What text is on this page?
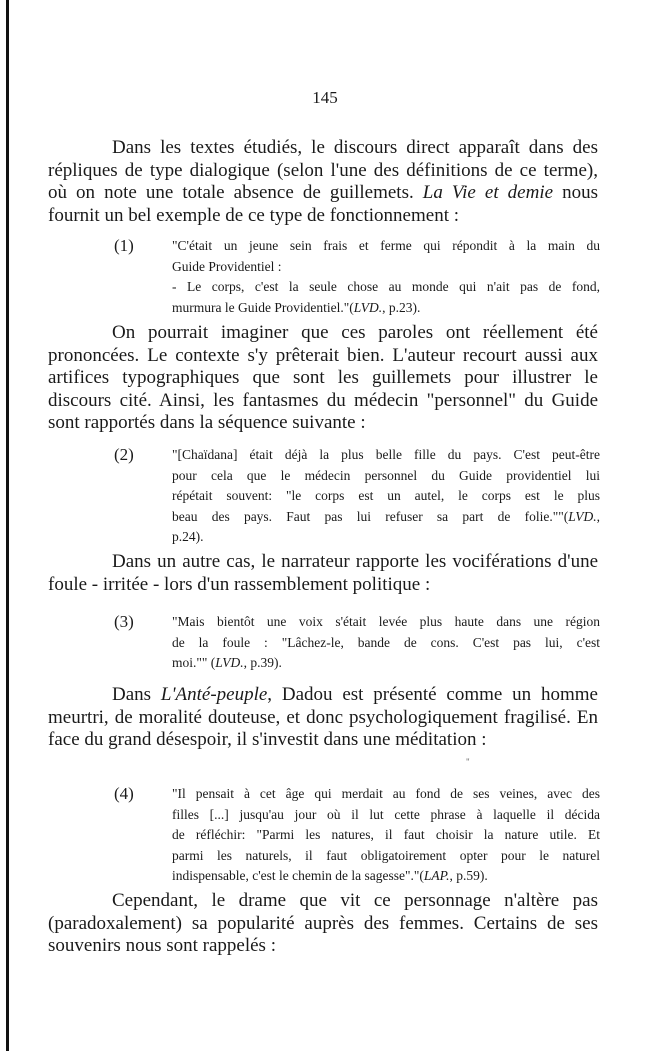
145

Dans les textes étudiés, le discours direct apparaît dans des répliques de type dialogique (selon l'une des définitions de ce terme), où on note une totale absence de guillemets. La Vie et demie nous fournit un bel exemple de ce type de fonctionnement :

(1)	"C'était un jeune sein frais et ferme qui répondit à la main du
Guide Providentiel :
- Le corps, c'est la seule chose au monde qui n'ait pas de fond,
murmura le Guide Providentiel."(LVD., p.23).

On pourrait imaginer que ces paroles ont réellement été prononcées. Le contexte s'y prêterait bien. L'auteur recourt aussi aux artifices typographiques que sont les guillemets pour illustrer le discours cité. Ainsi, les fantasmes du médecin "personnel" du Guide sont rapportés dans la séquence suivante :

(2)	"[Chaïdana] était déjà la plus belle fille du pays. C'est peut-être
pour cela que le médecin personnel du Guide providentiel lui
répétait souvent: "le corps est un autel, le corps est le plus
beau des pays. Faut pas lui refuser sa part de folie.""(LVD.,
p.24).

Dans un autre cas, le narrateur rapporte les vociférations d'une foule - irritée - lors d'un rassemblement politique :

(3)	"Mais bientôt une voix s'était levée plus haute dans une région
de la foule : "Lâchez-le, bande de cons. C'est pas lui, c'est
moi."" (LVD., p.39).

Dans L'Anté-peuple, Dadou est présenté comme un homme meurtri, de moralité douteuse, et donc psychologiquement fragilisé. En face du grand désespoir, il s'investit dans une méditation :

"
(4)	"Il pensait à cet âge qui merdait au fond de ses veines, avec des
filles [...] jusqu'au jour où il lut cette phrase à laquelle il décida
de réfléchir: "Parmi les natures, il faut choisir la nature utile. Et
parmi les naturels, il faut obligatoirement opter pour le naturel
indispensable, c'est le chemin de la sagesse"."(LAP., p.59).

Cependant, le drame que vit ce personnage n'altère pas (paradoxalement) sa popularité auprès des femmes. Certains de ses souvenirs nous sont rappelés :
